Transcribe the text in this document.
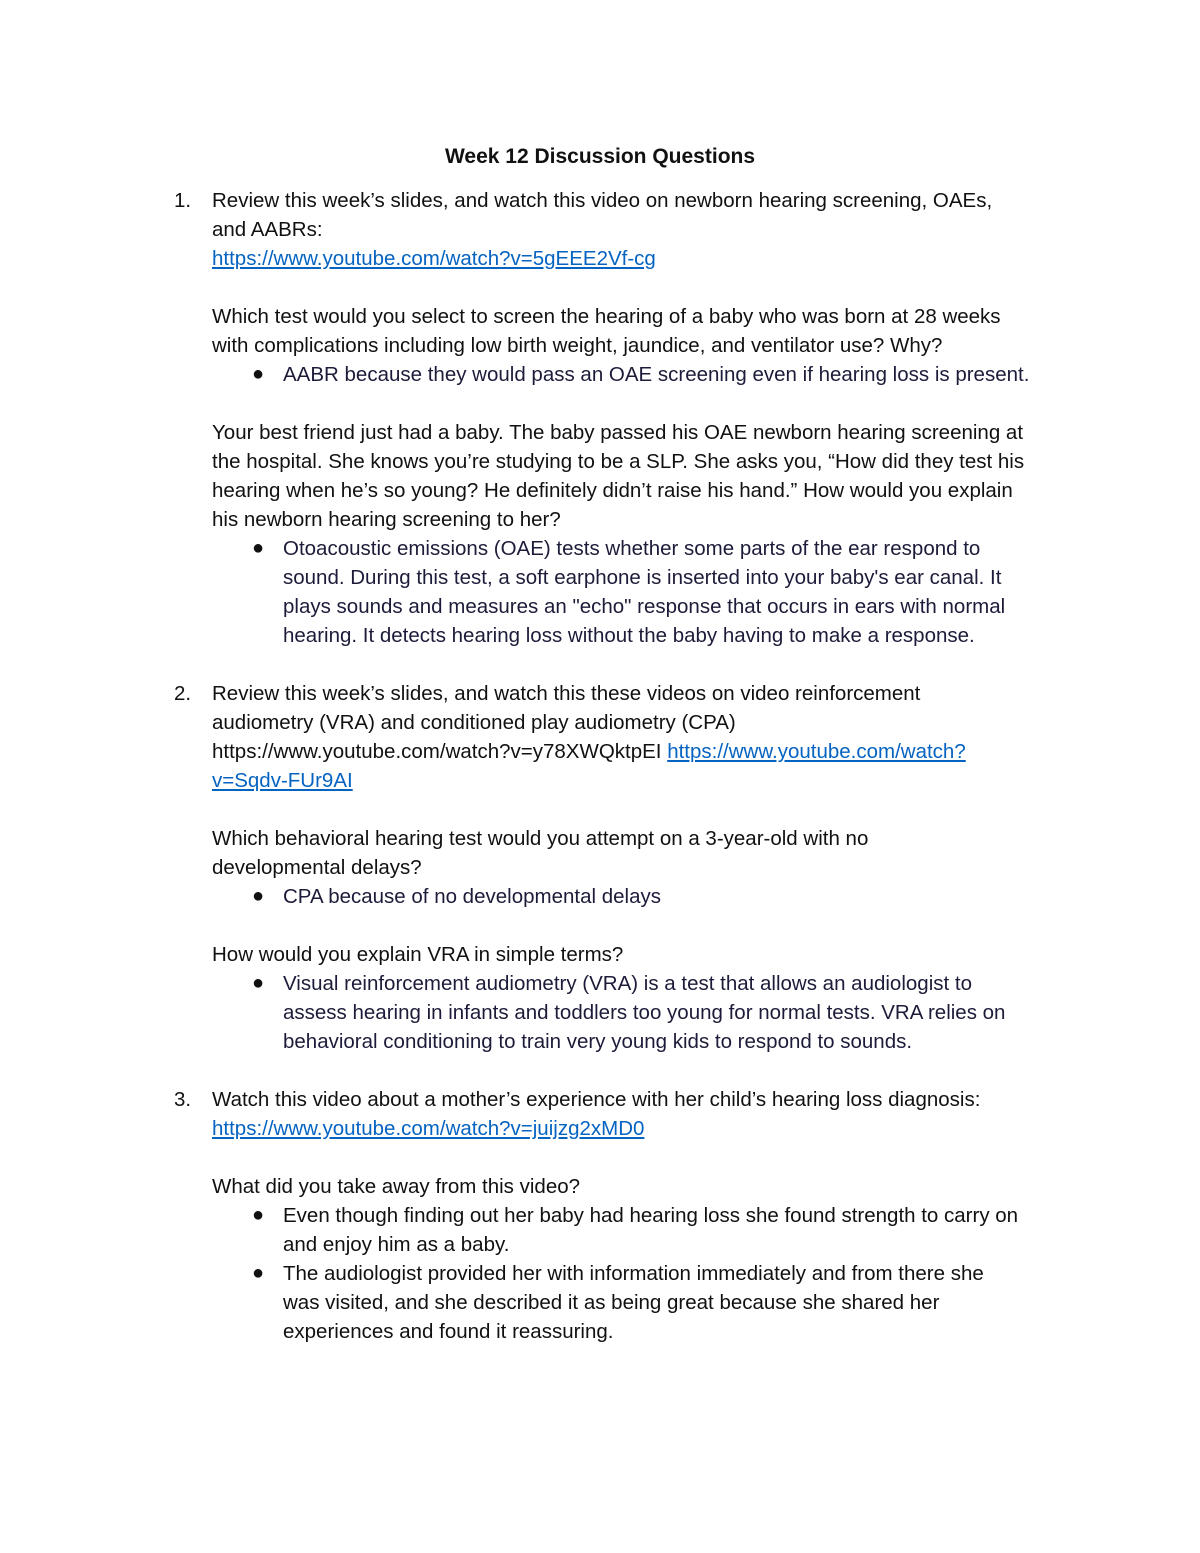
Week 12 Discussion Questions
1. Review this week’s slides, and watch this video on newborn hearing screening, OAEs,

and AABRs:

https://www.youtube.com/watch?v=5gEEE2Vf-cg

Which test would you select to screen the hearing of a baby who was born at 28 weeks

with complications including low birth weight, jaundice, and ventilator use? Why?

● AABR because they would pass an OAE screening even if hearing loss is present.

Your best friend just had a baby. The baby passed his OAE newborn hearing screening at

the hospital. She knows you’re studying to be a SLP. She asks you, “How did they test his

hearing when he’s so young? He definitely didn’t raise his hand.” How would you explain

his newborn hearing screening to her?

● Otoacoustic emissions (OAE) tests whether some parts of the ear respond to
sound. During this test, a soft earphone is inserted into your baby's ear canal. It
plays sounds and measures an "echo" response that occurs in ears with normal
hearing. It detects hearing loss without the baby having to make a response.
2. Review this week’s slides, and watch this these videos on video reinforcement

audiometry (VRA) and conditioned play audiometry (CPA)

https://www.youtube.com/watch?v=y78XWQktpEI https://www.youtube.com/watch?

v=Sqdv-FUr9AI

Which behavioral hearing test would you attempt on a 3-year-old with no

developmental delays?

● CPA because of no developmental delays

How would you explain VRA in simple terms?

● Visual reinforcement audiometry (VRA) is a test that allows an audiologist to
assess hearing in infants and toddlers too young for normal tests. VRA relies on
behavioral conditioning to train very young kids to respond to sounds.
3. Watch this video about a mother’s experience with her child’s hearing loss diagnosis:

https://www.youtube.com/watch?v=juijzg2xMD0

What did you take away from this video?

● Even though finding out her baby had hearing loss she found strength to carry on
and enjoy him as a baby.
● The audiologist provided her with information immediately and from there she
was visited, and she described it as being great because she shared her
experiences and found it reassuring.
